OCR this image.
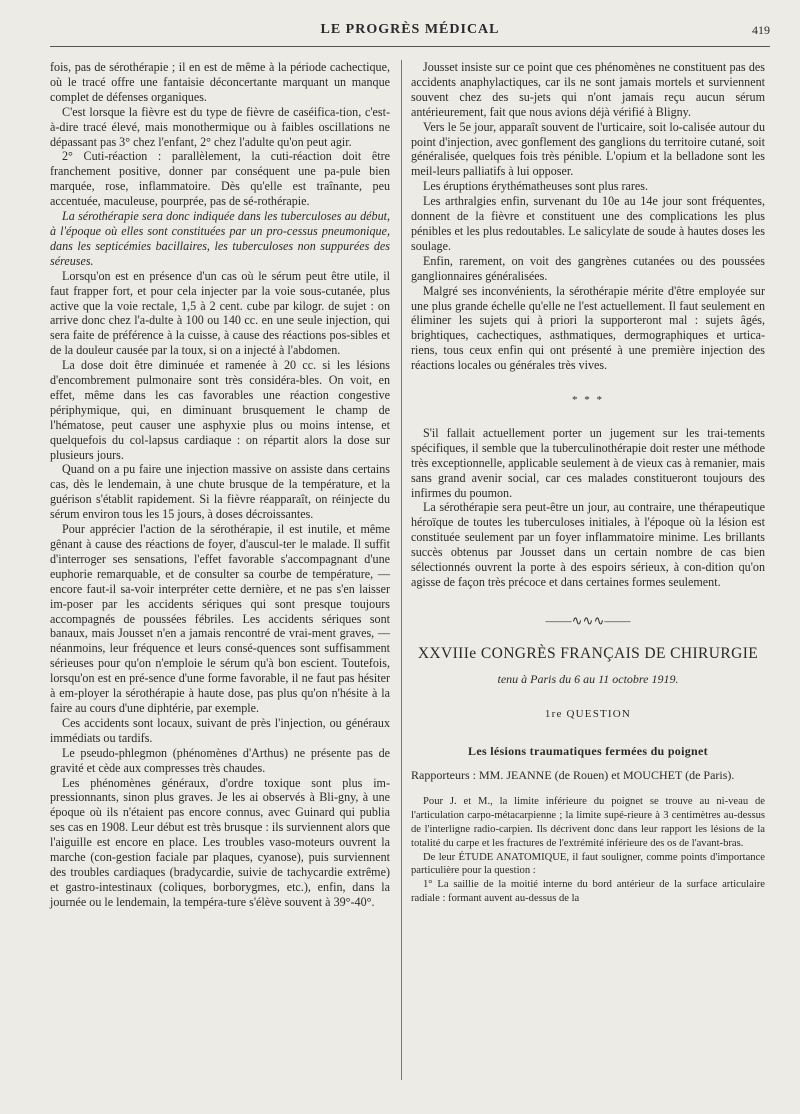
LE PROGRÈS MÉDICAL	419

fois, pas de sérothérapie ; il en est de même à la période cachectique, où le tracé offre une fantaisie déconcertante marquant un manque complet de défenses organiques.

C'est lorsque la fièvre est du type de fièvre de caséifica-tion, c'est-à-dire tracé élevé, mais monothermique ou à faibles oscillations ne dépassant pas 3° chez l'enfant, 2° chez l'adulte qu'on peut agir.

2° Cuti-réaction : parallèlement, la cuti-réaction doit être franchement positive, donner par conséquent une pa-pule bien marquée, rose, inflammatoire. Dès qu'elle est traînante, peu accentuée, maculeuse, pourprée, pas de sé-rothérapie.

La sérothérapie sera donc indiquée dans les tuberculoses au début, à l'époque où elles sont constituées par un pro-cessus pneumonique, dans les septicémies bacillaires, les tuberculoses non suppurées des séreuses.

Lorsqu'on est en présence d'un cas où le sérum peut être utile, il faut frapper fort, et pour cela injecter par la voie sous-cutanée, plus active que la voie rectale, 1,5 à 2 cent. cube par kilogr. de sujet : on arrive donc chez l'a-dulte à 100 ou 140 cc. en une seule injection, qui sera faite de préférence à la cuisse, à cause des réactions pos-sibles et de la douleur causée par la toux, si on a injecté à l'abdomen.

La dose doit être diminuée et ramenée à 20 cc. si les lésions d'encombrement pulmonaire sont très considéra-bles. On voit, en effet, même dans les cas favorables une réaction congestive périphymique, qui, en diminuant brusquement le champ de l'hématose, peut causer une asphyxie plus ou moins intense, et quelquefois du col-lapsus cardiaque : on répartit alors la dose sur plusieurs jours.

Quand on a pu faire une injection massive on assiste dans certains cas, dès le lendemain, à une chute brusque de la température, et la guérison s'établit rapidement. Si la fièvre réapparaît, on réinjecte du sérum environ tous les 15 jours, à doses décroissantes.

Pour apprécier l'action de la sérothérapie, il est inutile, et même gênant à cause des réactions de foyer, d'auscul-ter le malade. Il suffit d'interroger ses sensations, l'effet favorable s'accompagnant d'une euphorie remarquable, et de consulter sa courbe de température, — encore faut-il sa-voir interpréter cette dernière, et ne pas s'en laisser im-poser par les accidents sériques qui sont presque toujours accompagnés de poussées fébriles. Les accidents sériques sont banaux, mais Jousset n'en a jamais rencontré de vrai-ment graves, — néanmoins, leur fréquence et leurs consé-quences sont suffisamment sérieuses pour qu'on n'emploie le sérum qu'à bon escient. Toutefois, lorsqu'on est en pré-sence d'une forme favorable, il ne faut pas hésiter à em-ployer la sérothérapie à haute dose, pas plus qu'on n'hésite à la faire au cours d'une diphtérie, par exemple.

Ces accidents sont locaux, suivant de près l'injection, ou généraux immédiats ou tardifs.

Le pseudo-phlegmon (phénomènes d'Arthus) ne présente pas de gravité et cède aux compresses très chaudes.

Les phénomènes généraux, d'ordre toxique sont plus im-pressionnants, sinon plus graves. Je les ai observés à Bli-gny, à une époque où ils n'étaient pas encore connus, avec Guinard qui publia ses cas en 1908. Leur début est très brusque : ils surviennent alors que l'aiguille est encore en place. Les troubles vaso-moteurs ouvrent la marche (con-gestion faciale par plaques, cyanose), puis surviennent des troubles cardiaques (bradycardie, suivie de tachycardie extrême) et gastro-intestinaux (coliques, borborygmes, etc.), enfin, dans la journée ou le lendemain, la tempéra-ture s'élève souvent à 39°-40°.

Jousset insiste sur ce point que ces phénomènes ne constituent pas des accidents anaphylactiques, car ils ne sont jamais mortels et surviennent souvent chez des su-jets qui n'ont jamais reçu aucun sérum antérieurement, fait que nous avions déjà vérifié à Bligny.

Vers le 5e jour, apparaît souvent de l'urticaire, soit lo-calisée autour du point d'injection, avec gonflement des ganglions du territoire cutané, soit généralisée, quelques fois très pénible. L'opium et la belladone sont les meil-leurs palliatifs à lui opposer.

Les éruptions érythématheuses sont plus rares.

Les arthralgies enfin, survenant du 10e au 14e jour sont fréquentes, donnent de la fièvre et constituent une des complications les plus pénibles et les plus redoutables. Le salicylate de soude à hautes doses les soulage.

Enfin, rarement, on voit des gangrènes cutanées ou des poussées ganglionnaires généralisées.

Malgré ses inconvénients, la sérothérapie mérite d'être employée sur une plus grande échelle qu'elle ne l'est actuellement. Il faut seulement en éliminer les sujets qui à priori la supporteront mal : sujets âgés, brightiques, cachectiques, asthmatiques, dermographiques et urtica-riens, tous ceux enfin qui ont présenté à une première injection des réactions locales ou générales très vives.

* * *

S'il fallait actuellement porter un jugement sur les trai-tements spécifiques, il semble que la tuberculinothérapie doit rester une méthode très exceptionnelle, applicable seulement à de vieux cas à remanier, mais sans grand avenir social, car ces malades constitueront toujours des infirmes du poumon.

La sérothérapie sera peut-être un jour, au contraire, une thérapeutique héroïque de toutes les tuberculoses initiales, à l'époque où la lésion est constituée seulement par un foyer inflammatoire minime. Les brillants succès obtenus par Jousset dans un certain nombre de cas bien sélectionnés ouvrent la porte à des espoirs sérieux, à con-dition qu'on agisse de façon très précoce et dans certaines formes seulement.

——∿∿∿——
XXVIIIe CONGRÈS FRANÇAIS DE CHIRURGIE
tenu à Paris du 6 au 11 octobre 1919.
1re QUESTION
Les lésions traumatiques fermées du poignet

Rapporteurs : MM. JEANNE (de Rouen) et MOUCHET (de Paris).

Pour J. et M., la limite inférieure du poignet se trouve au ni-veau de l'articulation carpo-métacarpienne ; la limite supé-rieure à 3 centimètres au-dessus de l'interligne radio-carpien. Ils décrivent donc dans leur rapport les lésions de la totalité du carpe et les fractures de l'extrémité inférieure des os de l'avant-bras.

De leur ÉTUDE ANATOMIQUE, il faut souligner, comme points d'importance particulière pour la question :

1° La saillie de la moitié interne du bord antérieur de la surface articulaire radiale : formant auvent au-dessus de la
